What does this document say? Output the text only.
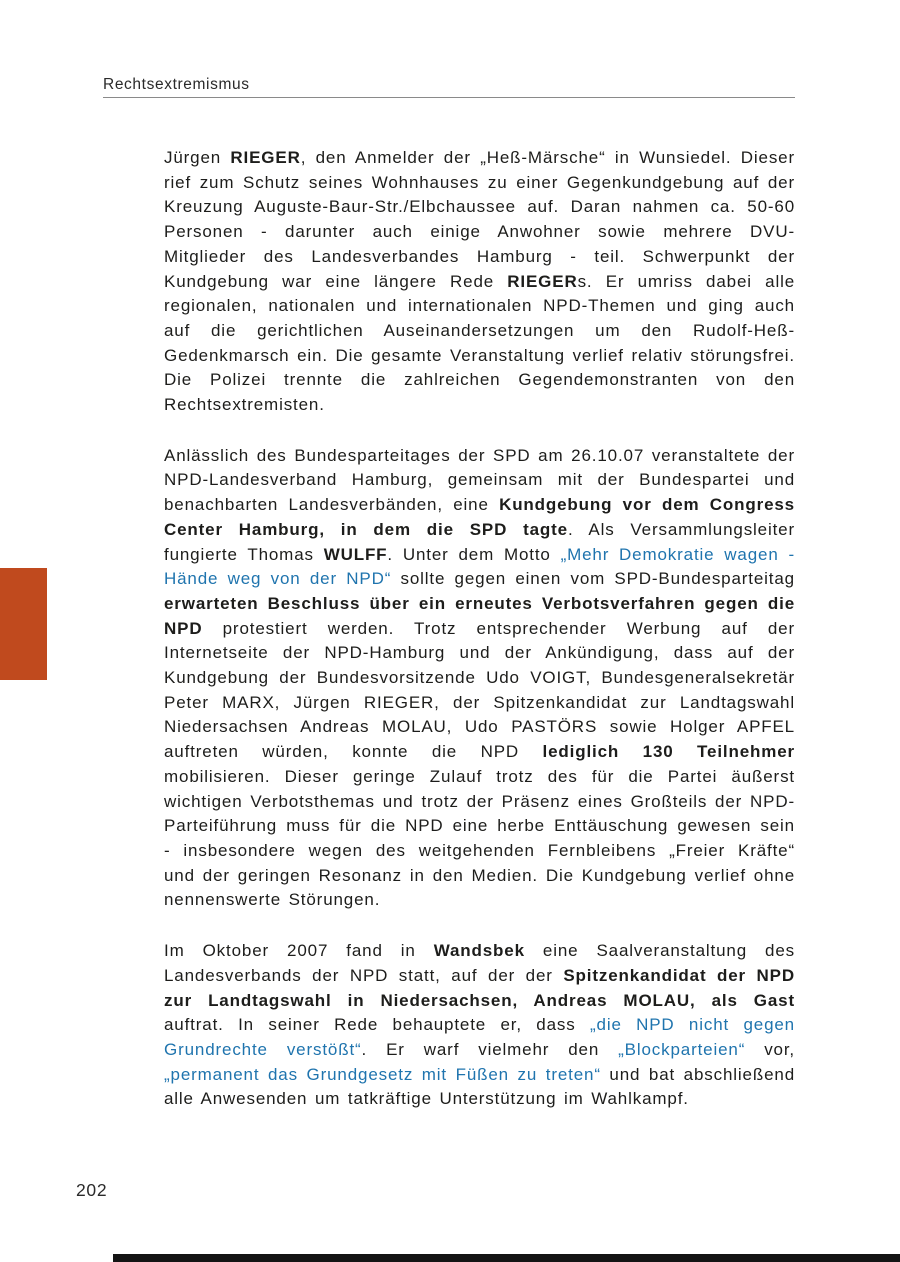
Rechtsextremismus

Jürgen RIEGER, den Anmelder der „Heß-Märsche“ in Wunsiedel. Dieser rief zum Schutz seines Wohnhauses zu einer Gegenkundgebung auf der Kreuzung Auguste-Baur-Str./Elbchaussee auf. Daran nahmen ca. 50-60 Personen - darunter auch einige Anwohner sowie mehrere DVU-Mitglieder des Landesverbandes Hamburg - teil. Schwerpunkt der Kundgebung war eine längere Rede RIEGERs. Er umriss dabei alle regionalen, nationalen und internationalen NPD-Themen und ging auch auf die gerichtlichen Auseinandersetzungen um den Rudolf-Heß-Gedenkmarsch ein. Die gesamte Veranstaltung verlief relativ störungsfrei. Die Polizei trennte die zahlreichen Gegendemonstranten von den Rechtsextremisten.

Anlässlich des Bundesparteitages der SPD am 26.10.07 veranstaltete der NPD-Landesverband Hamburg, gemeinsam mit der Bundespartei und benachbarten Landesverbänden, eine Kundgebung vor dem Congress Center Hamburg, in dem die SPD tagte. Als Versammlungsleiter fungierte Thomas WULFF. Unter dem Motto „Mehr Demokratie wagen - Hände weg von der NPD“ sollte gegen einen vom SPD-Bundesparteitag erwarteten Beschluss über ein erneutes Verbotsverfahren gegen die NPD protestiert werden. Trotz entsprechender Werbung auf der Internetseite der NPD-Hamburg und der Ankündigung, dass auf der Kundgebung der Bundesvorsitzende Udo VOIGT, Bundesgeneralsekretär Peter MARX, Jürgen RIEGER, der Spitzenkandidat zur Landtagswahl Niedersachsen Andreas MOLAU, Udo PASTÖRS sowie Holger APFEL auftreten würden, konnte die NPD lediglich 130 Teilnehmer mobilisieren. Dieser geringe Zulauf trotz des für die Partei äußerst wichtigen Verbotsthemas und trotz der Präsenz eines Großteils der NPD-Parteiführung muss für die NPD eine herbe Enttäuschung gewesen sein - insbesondere wegen des weitgehenden Fernbleibens „Freier Kräfte“ und der geringen Resonanz in den Medien. Die Kundgebung verlief ohne nennenswerte Störungen.

Im Oktober 2007 fand in Wandsbek eine Saalveranstaltung des Landesverbands der NPD statt, auf der der Spitzenkandidat der NPD zur Landtagswahl in Niedersachsen, Andreas MOLAU, als Gast auftrat. In seiner Rede behauptete er, dass „die NPD nicht gegen Grundrechte verstößt“. Er warf vielmehr den „Blockparteien“ vor, „permanent das Grundgesetz mit Füßen zu treten“ und bat abschließend alle Anwesenden um tatkräftige Unterstützung im Wahlkampf.

202
